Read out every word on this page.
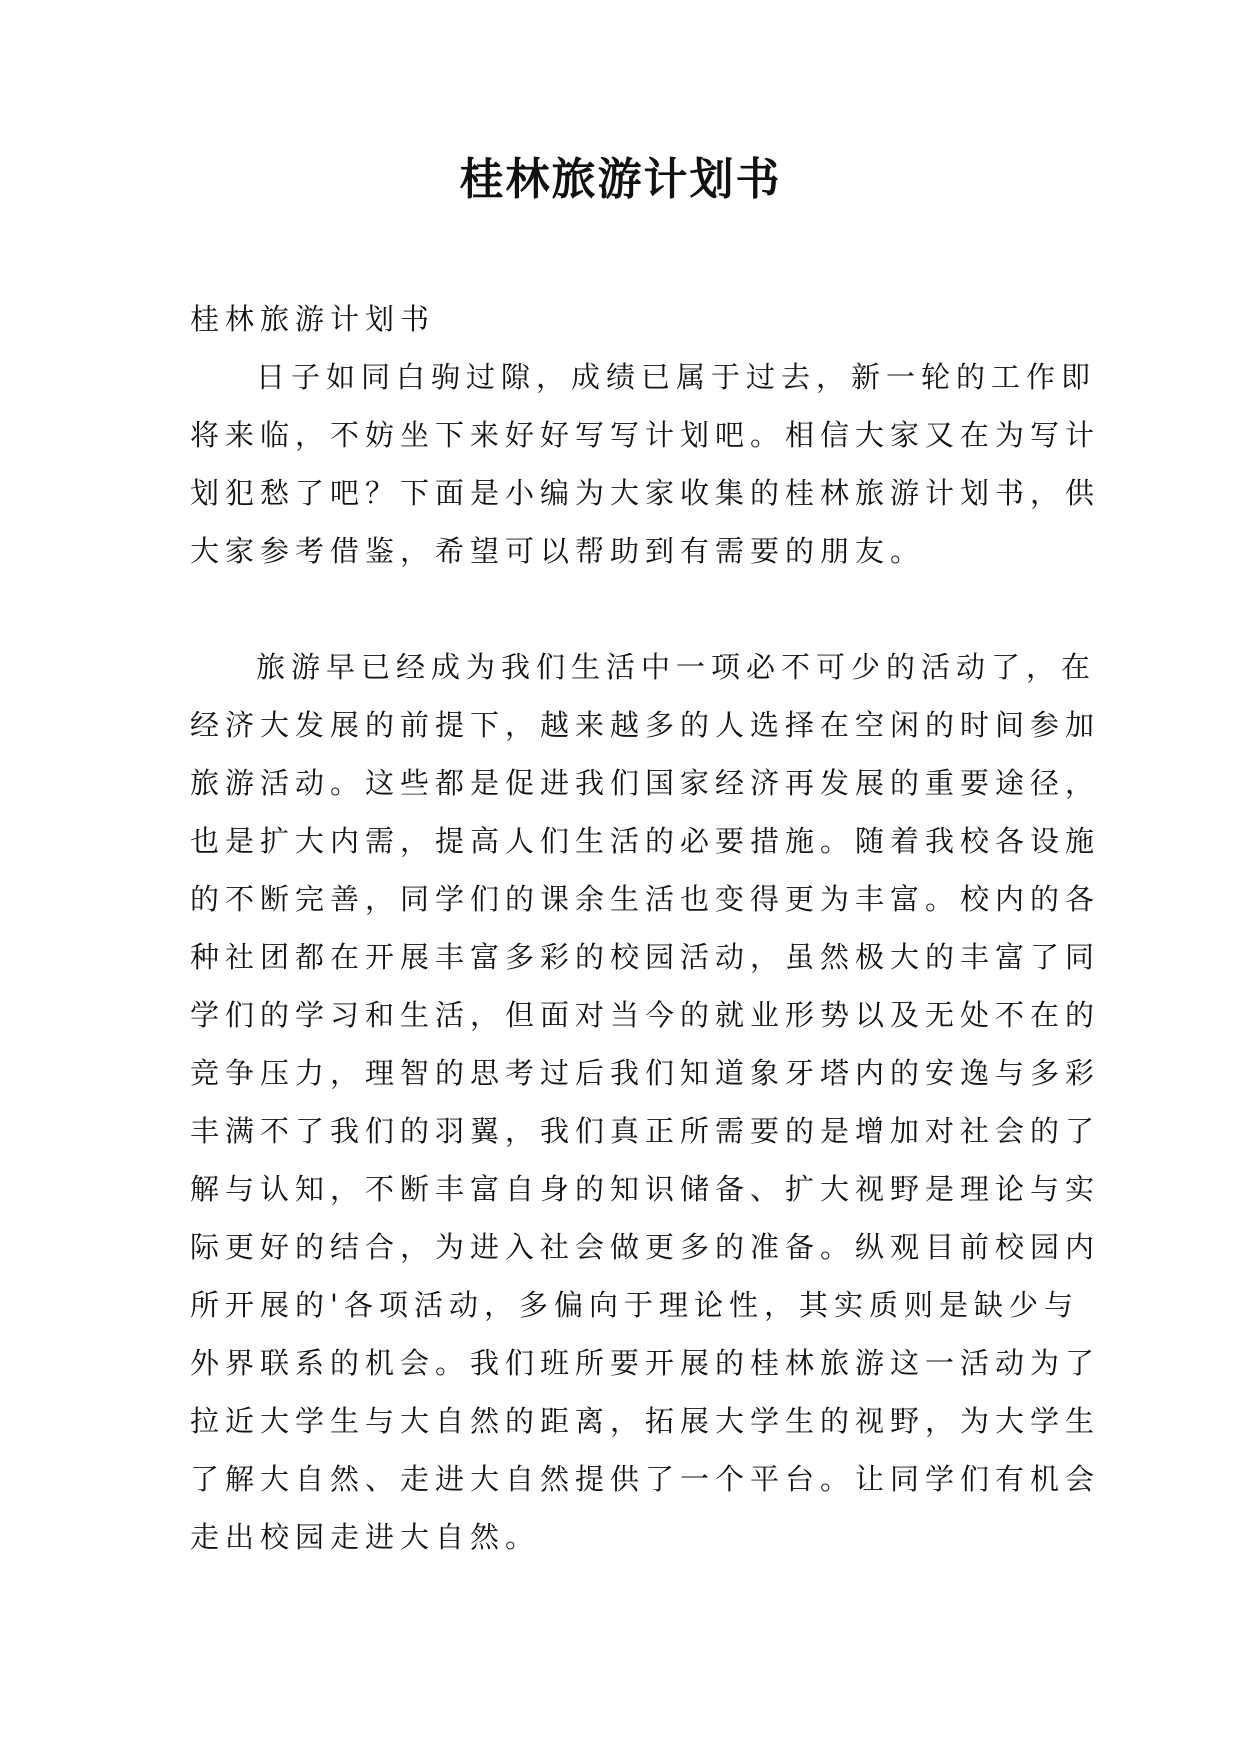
桂林旅游计划书
桂林旅游计划书
日子如同白驹过隙，成绩已属于过去，新一轮的工作即
将来临，不妨坐下来好好写写计划吧。相信大家又在为写计
划犯愁了吧？下面是小编为大家收集的桂林旅游计划书，供
大家参考借鉴，希望可以帮助到有需要的朋友。
旅游早已经成为我们生活中一项必不可少的活动了，在
经济大发展的前提下，越来越多的人选择在空闲的时间参加
旅游活动。这些都是促进我们国家经济再发展的重要途径，
也是扩大内需，提高人们生活的必要措施。随着我校各设施
的不断完善，同学们的课余生活也变得更为丰富。校内的各
种社团都在开展丰富多彩的校园活动，虽然极大的丰富了同
学们的学习和生活，但面对当今的就业形势以及无处不在的
竞争压力，理智的思考过后我们知道象牙塔内的安逸与多彩
丰满不了我们的羽翼，我们真正所需要的是增加对社会的了
解与认知，不断丰富自身的知识储备、扩大视野是理论与实
际更好的结合，为进入社会做更多的准备。纵观目前校园内
所开展的'各项活动，多偏向于理论性，其实质则是缺少与
外界联系的机会。我们班所要开展的桂林旅游这一活动为了
拉近大学生与大自然的距离，拓展大学生的视野，为大学生
了解大自然、走进大自然提供了一个平台。让同学们有机会
走出校园走进大自然。
